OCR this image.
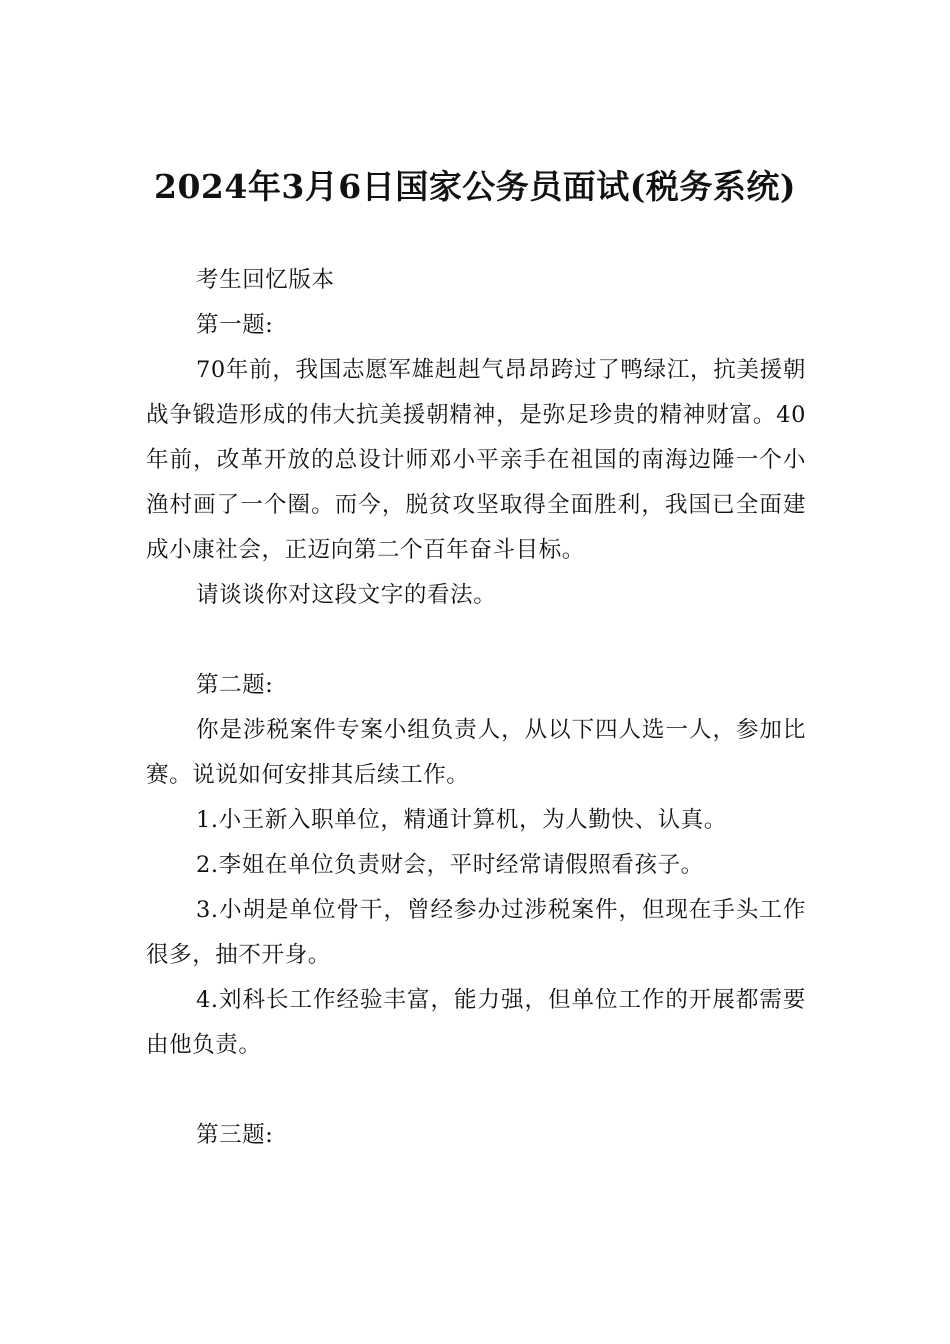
2024年3月6日国家公务员面试(税务系统)

考生回忆版本

第一题:

70年前，我国志愿军雄赳赳气昂昂跨过了鸭绿江，抗美援朝战争锻造形成的伟大抗美援朝精神，是弥足珍贵的精神财富。40年前，改革开放的总设计师邓小平亲手在祖国的南海边陲一个小渔村画了一个圈。而今，脱贫攻坚取得全面胜利，我国已全面建成小康社会，正迈向第二个百年奋斗目标。

请谈谈你对这段文字的看法。

第二题:

你是涉税案件专案小组负责人，从以下四人选一人，参加比赛。说说如何安排其后续工作。

1.小王新入职单位，精通计算机，为人勤快、认真。

2.李姐在单位负责财会，平时经常请假照看孩子。

3.小胡是单位骨干，曾经参办过涉税案件，但现在手头工作很多，抽不开身。

4.刘科长工作经验丰富，能力强，但单位工作的开展都需要由他负责。

第三题:
